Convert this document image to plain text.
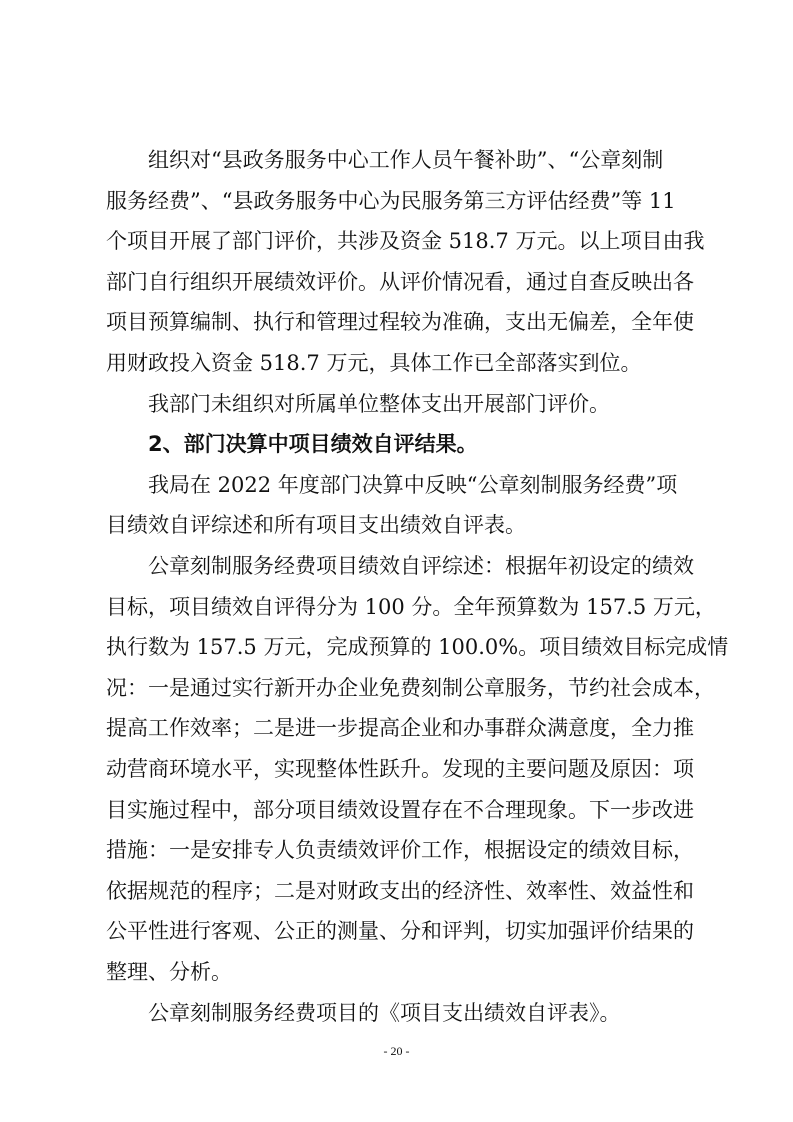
组织对“县政务服务中心工作人员午餐补助”、“公章刻制
服务经费”、“县政务服务中心为民服务第三方评估经费”等 11
个项目开展了部门评价，共涉及资金 518.7 万元。以上项目由我
部门自行组织开展绩效评价。从评价情况看，通过自查反映出各
项目预算编制、执行和管理过程较为准确，支出无偏差，全年使
用财政投入资金 518.7 万元，具体工作已全部落实到位。
我部门未组织对所属单位整体支出开展部门评价。
2、部门决算中项目绩效自评结果。
我局在 2022 年度部门决算中反映“公章刻制服务经费”项
目绩效自评综述和所有项目支出绩效自评表。
公章刻制服务经费项目绩效自评综述：根据年初设定的绩效
目标，项目绩效自评得分为 100 分。全年预算数为 157.5 万元，
执行数为 157.5 万元，完成预算的 100.0%。项目绩效目标完成情
况：一是通过实行新开办企业免费刻制公章服务，节约社会成本，
提高工作效率；二是进一步提高企业和办事群众满意度，全力推
动营商环境水平，实现整体性跃升。发现的主要问题及原因：项
目实施过程中，部分项目绩效设置存在不合理现象。下一步改进
措施：一是安排专人负责绩效评价工作，根据设定的绩效目标，
依据规范的程序；二是对财政支出的经济性、效率性、效益性和
公平性进行客观、公正的测量、分和评判，切实加强评价结果的
整理、分析。
公章刻制服务经费项目的《项目支出绩效自评表》。
- 20 -
